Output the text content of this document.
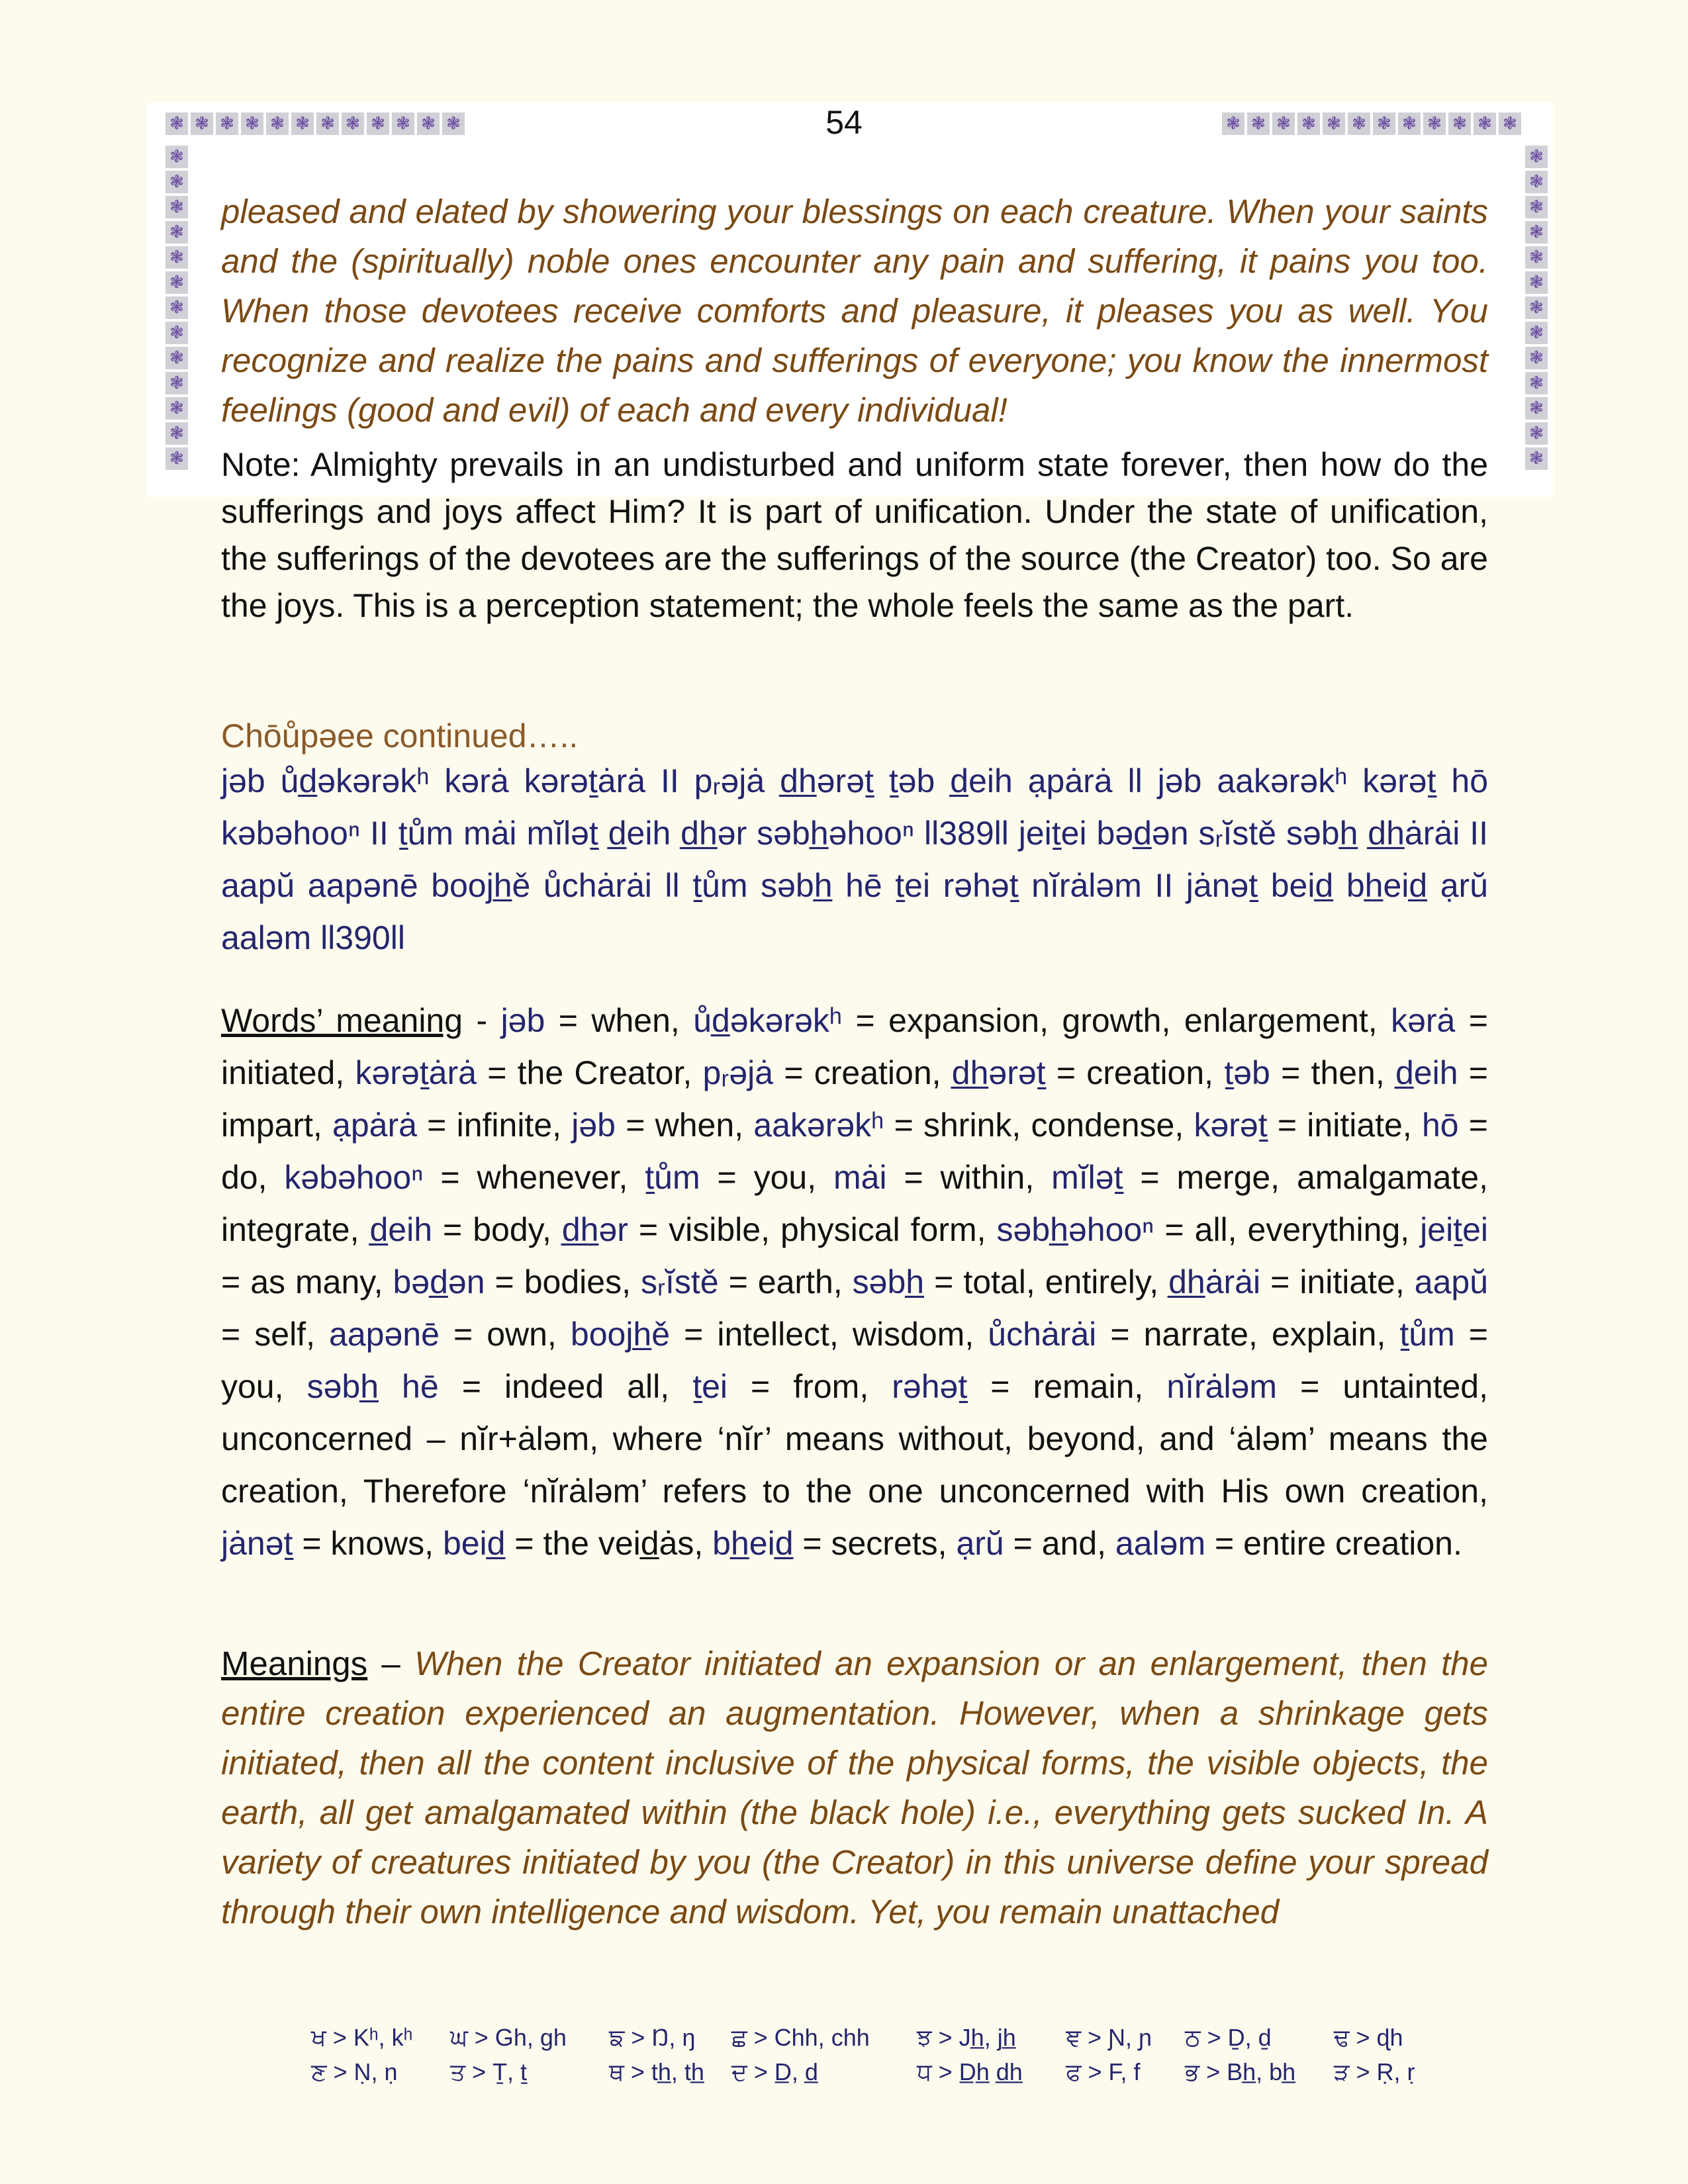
❃ ❃ ❃ ❃ ❃ ❃ ❃ ❃ ❃ ❃ ❃ ❃	❃ ❃ ❃ ❃ ❃ ❃ ❃ ❃ ❃ ❃ ❃ ❃
❃
❃
❃
❃
❃
❃
❃
❃
❃
❃
❃
❃
❃
❃
❃
❃
❃
❃
❃
❃
❃
❃
❃
❃
❃
❃
54

pleased and elated by showering your blessings on each creature. When your saints and the (spiritually) noble ones encounter any pain and suffering, it pains you too. When those devotees receive comforts and pleasure, it pleases you as well. You recognize and realize the pains and sufferings of everyone; you know the innermost feelings (good and evil) of each and every individual!

Note: Almighty prevails in an undisturbed and uniform state forever, then how do the sufferings and joys affect Him? It is part of unification. Under the state of unification, the sufferings of the devotees are the sufferings of the source (the Creator) too. So are the joys. This is a perception statement; the whole feels the same as the part.

Chōůpəee continued…..

jəb ůd̲əkərəkʰ kərȧ kərəṯȧrȧ II pᵣəjȧ d̲h̲ərəṯ ṯəb d̲eih ạpȧrȧ ll jəb aakərəkʰ kərəṯ hō kəbəhooⁿ II ṯům mȧi mĭləṯ d̲eih d̲h̲ər səbh̲əhooⁿ ll389ll jeiṯei bəd̲ən sᵣĭstě səbh̲ d̲h̲ȧrȧi II aapŭ aapənē boojh̲ě ůchȧrȧi ll ṯům səbh̲ hē ṯei rəhəṯ nĭrȧləm II jȧnəṯ beid̲ bh̲eid̲ ạrŭ aaləm ll390ll

Words’ meaning - jəb = when, ůd̲əkərəkʰ = expansion, growth, enlargement, kərȧ = initiated, kərəṯȧrȧ = the Creator, pᵣəjȧ = creation, d̲h̲ərəṯ = creation, ṯəb = then, d̲eih = impart, ạpȧrȧ = infinite, jəb = when, aakərəkʰ = shrink, condense, kərəṯ = initiate, hō = do, kəbəhooⁿ = whenever, ṯům = you, mȧi = within, mĭləṯ = merge, amalgamate, integrate, d̲eih = body, d̲h̲ər = visible, physical form, səbh̲əhooⁿ = all, everything, jeiṯei = as many, bəd̲ən = bodies, sᵣĭstě = earth, səbh̲ = total, entirely, d̲h̲ȧrȧi = initiate, aapŭ = self, aapənē = own, boojh̲ě = intellect, wisdom, ůchȧrȧi = narrate, explain, ṯům = you, səbh̲ hē = indeed all, ṯei = from, rəhəṯ = remain, nĭrȧləm = untainted, unconcerned – nĭr+ȧləm, where ‘nĭr’ means without, beyond, and ‘ȧləm’ means the creation, Therefore ‘nĭrȧləm’ refers to the one unconcerned with His own creation, jȧnəṯ = knows, beid̲ = the veid̲ȧs, bh̲eid̲ = secrets, ạrŭ = and, aaləm = entire creation.

Meanings – When the Creator initiated an expansion or an enlargement, then the entire creation experienced an augmentation. However, when a shrinkage gets initiated, then all the content inclusive of the physical forms, the visible objects, the earth, all get amalgamated within (the black hole) i.e., everything gets sucked In. A variety of creatures initiated by you (the Creator) in this universe define your spread through their own intelligence and wisdom. Yet, you remain unattached

ਖ > Kʰ, kʰ	ਘ > Gh, gh	ਙ > Ŋ, ŋ	ਛ > Chh, chh	ਝ > Jh̲, jh̲	ਞ > Ɲ, ɲ	ਠ > Ḏ, ḏ	ਢ > ɖh
ਣ > Ṇ, ṇ	ਤ > Ṯ, ṯ	ਥ > th̲, th̲	ਦ > D̲, d̲	ਧ > D̲h̲ d̲h̲	ਫ > F, f	ਭ > Bh̲, bh̲	ੜ > Ṛ, ṛ
